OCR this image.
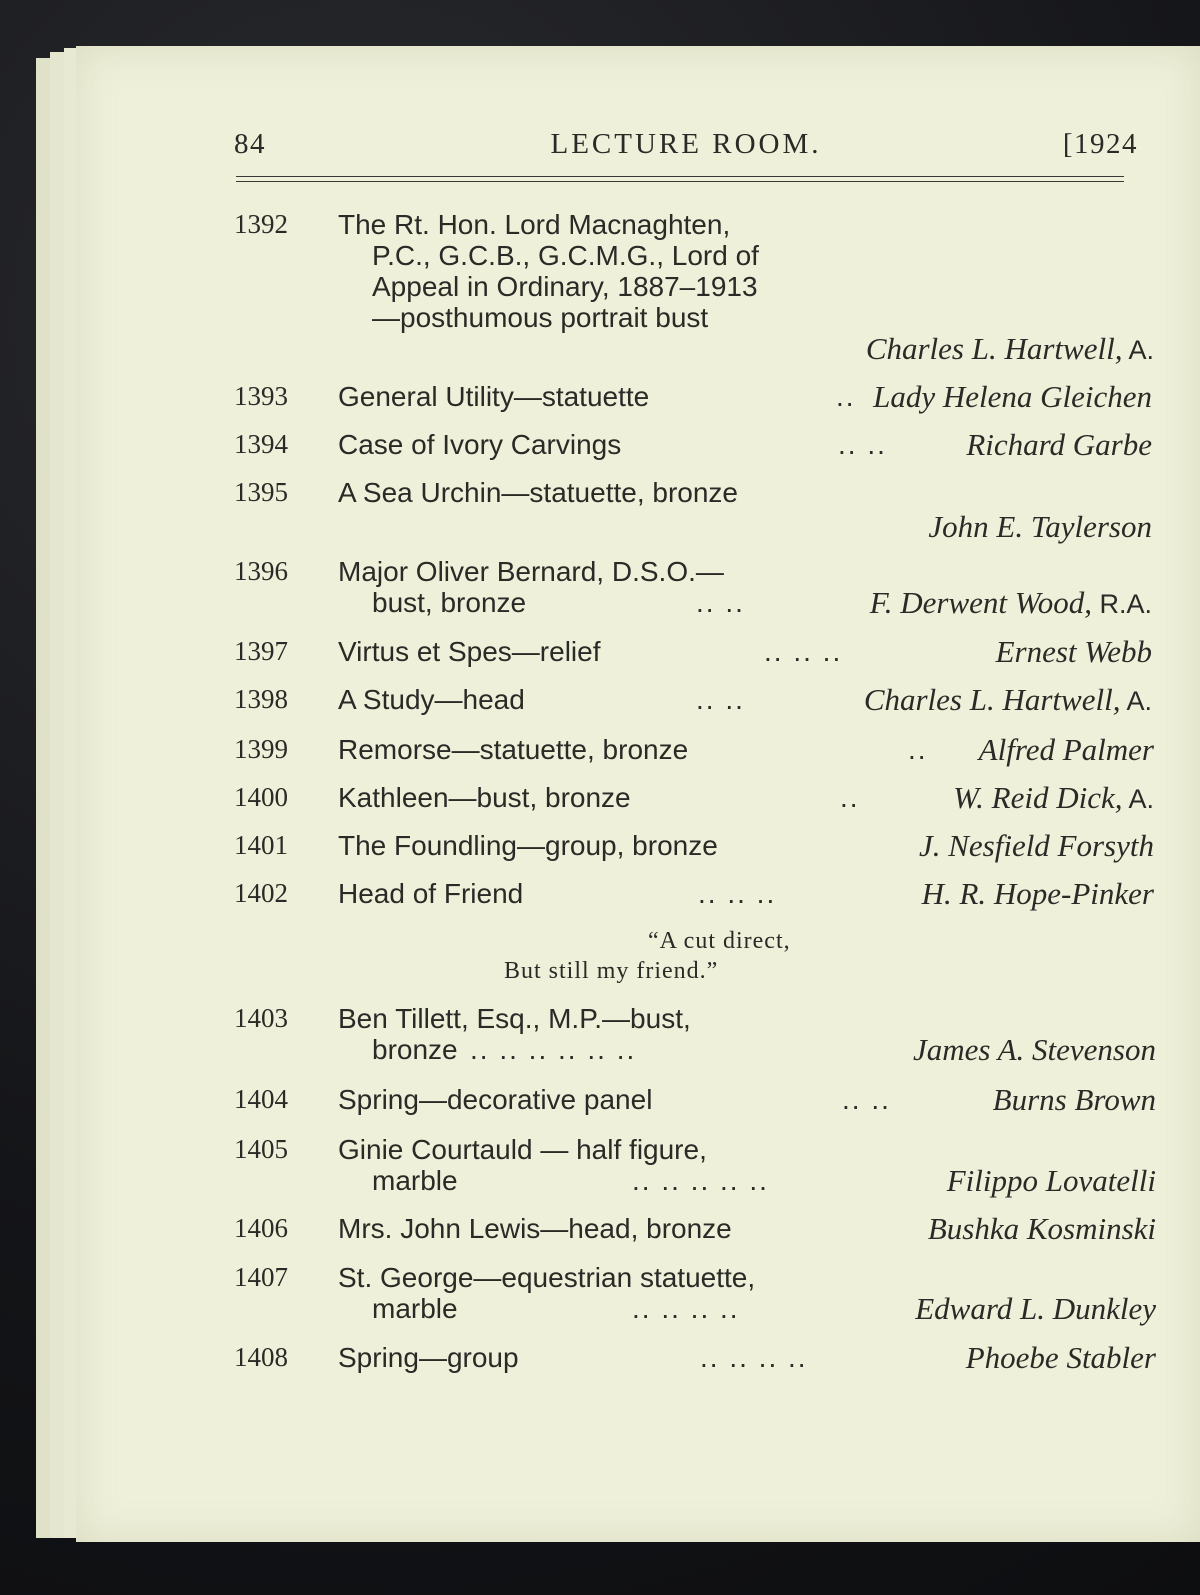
84	LECTURE ROOM.	[1924
1392 The Rt. Hon. Lord Macnaghten,
P.C., G.C.B., G.C.M.G., Lord of
Appeal in Ordinary, 1887–1913
—posthumous portrait bust
Charles L. Hartwell, A.
1393 General Utility—statuette	.. Lady Helena Gleichen
1394 Case of Ivory Carvings	.. ..	Richard Garbe
1395 A Sea Urchin—statuette, bronze
John E. Taylerson
1396 Major Oliver Bernard, D.S.O.—
bust, bronze	.. ..	F. Derwent Wood, R.A.
1397 Virtus et Spes—relief	.. .. ..	Ernest Webb
1398 A Study—head	.. ..	Charles L. Hartwell, A.
1399 Remorse—statuette, bronze	.. Alfred Palmer
1400 Kathleen—bust, bronze	..	W. Reid Dick, A.
1401 The Foundling—group, bronze	J. Nesfield Forsyth
1402 Head of Friend	.. .. ..	H. R. Hope-Pinker
“A cut direct,
But still my friend.”
1403 Ben Tillett, Esq., M.P.—bust,
bronze .. .. .. .. .. ..	James A. Stevenson
1404 Spring—decorative panel	.. ..	Burns Brown
1405 Ginie Courtauld — half figure,
marble	.. .. .. .. ..	Filippo Lovatelli
1406 Mrs. John Lewis—head, bronze	Bushka Kosminski
1407 St. George—equestrian statuette,
marble	.. .. .. ..	Edward L. Dunkley
1408 Spring—group	.. .. .. ..	Phoebe Stabler
